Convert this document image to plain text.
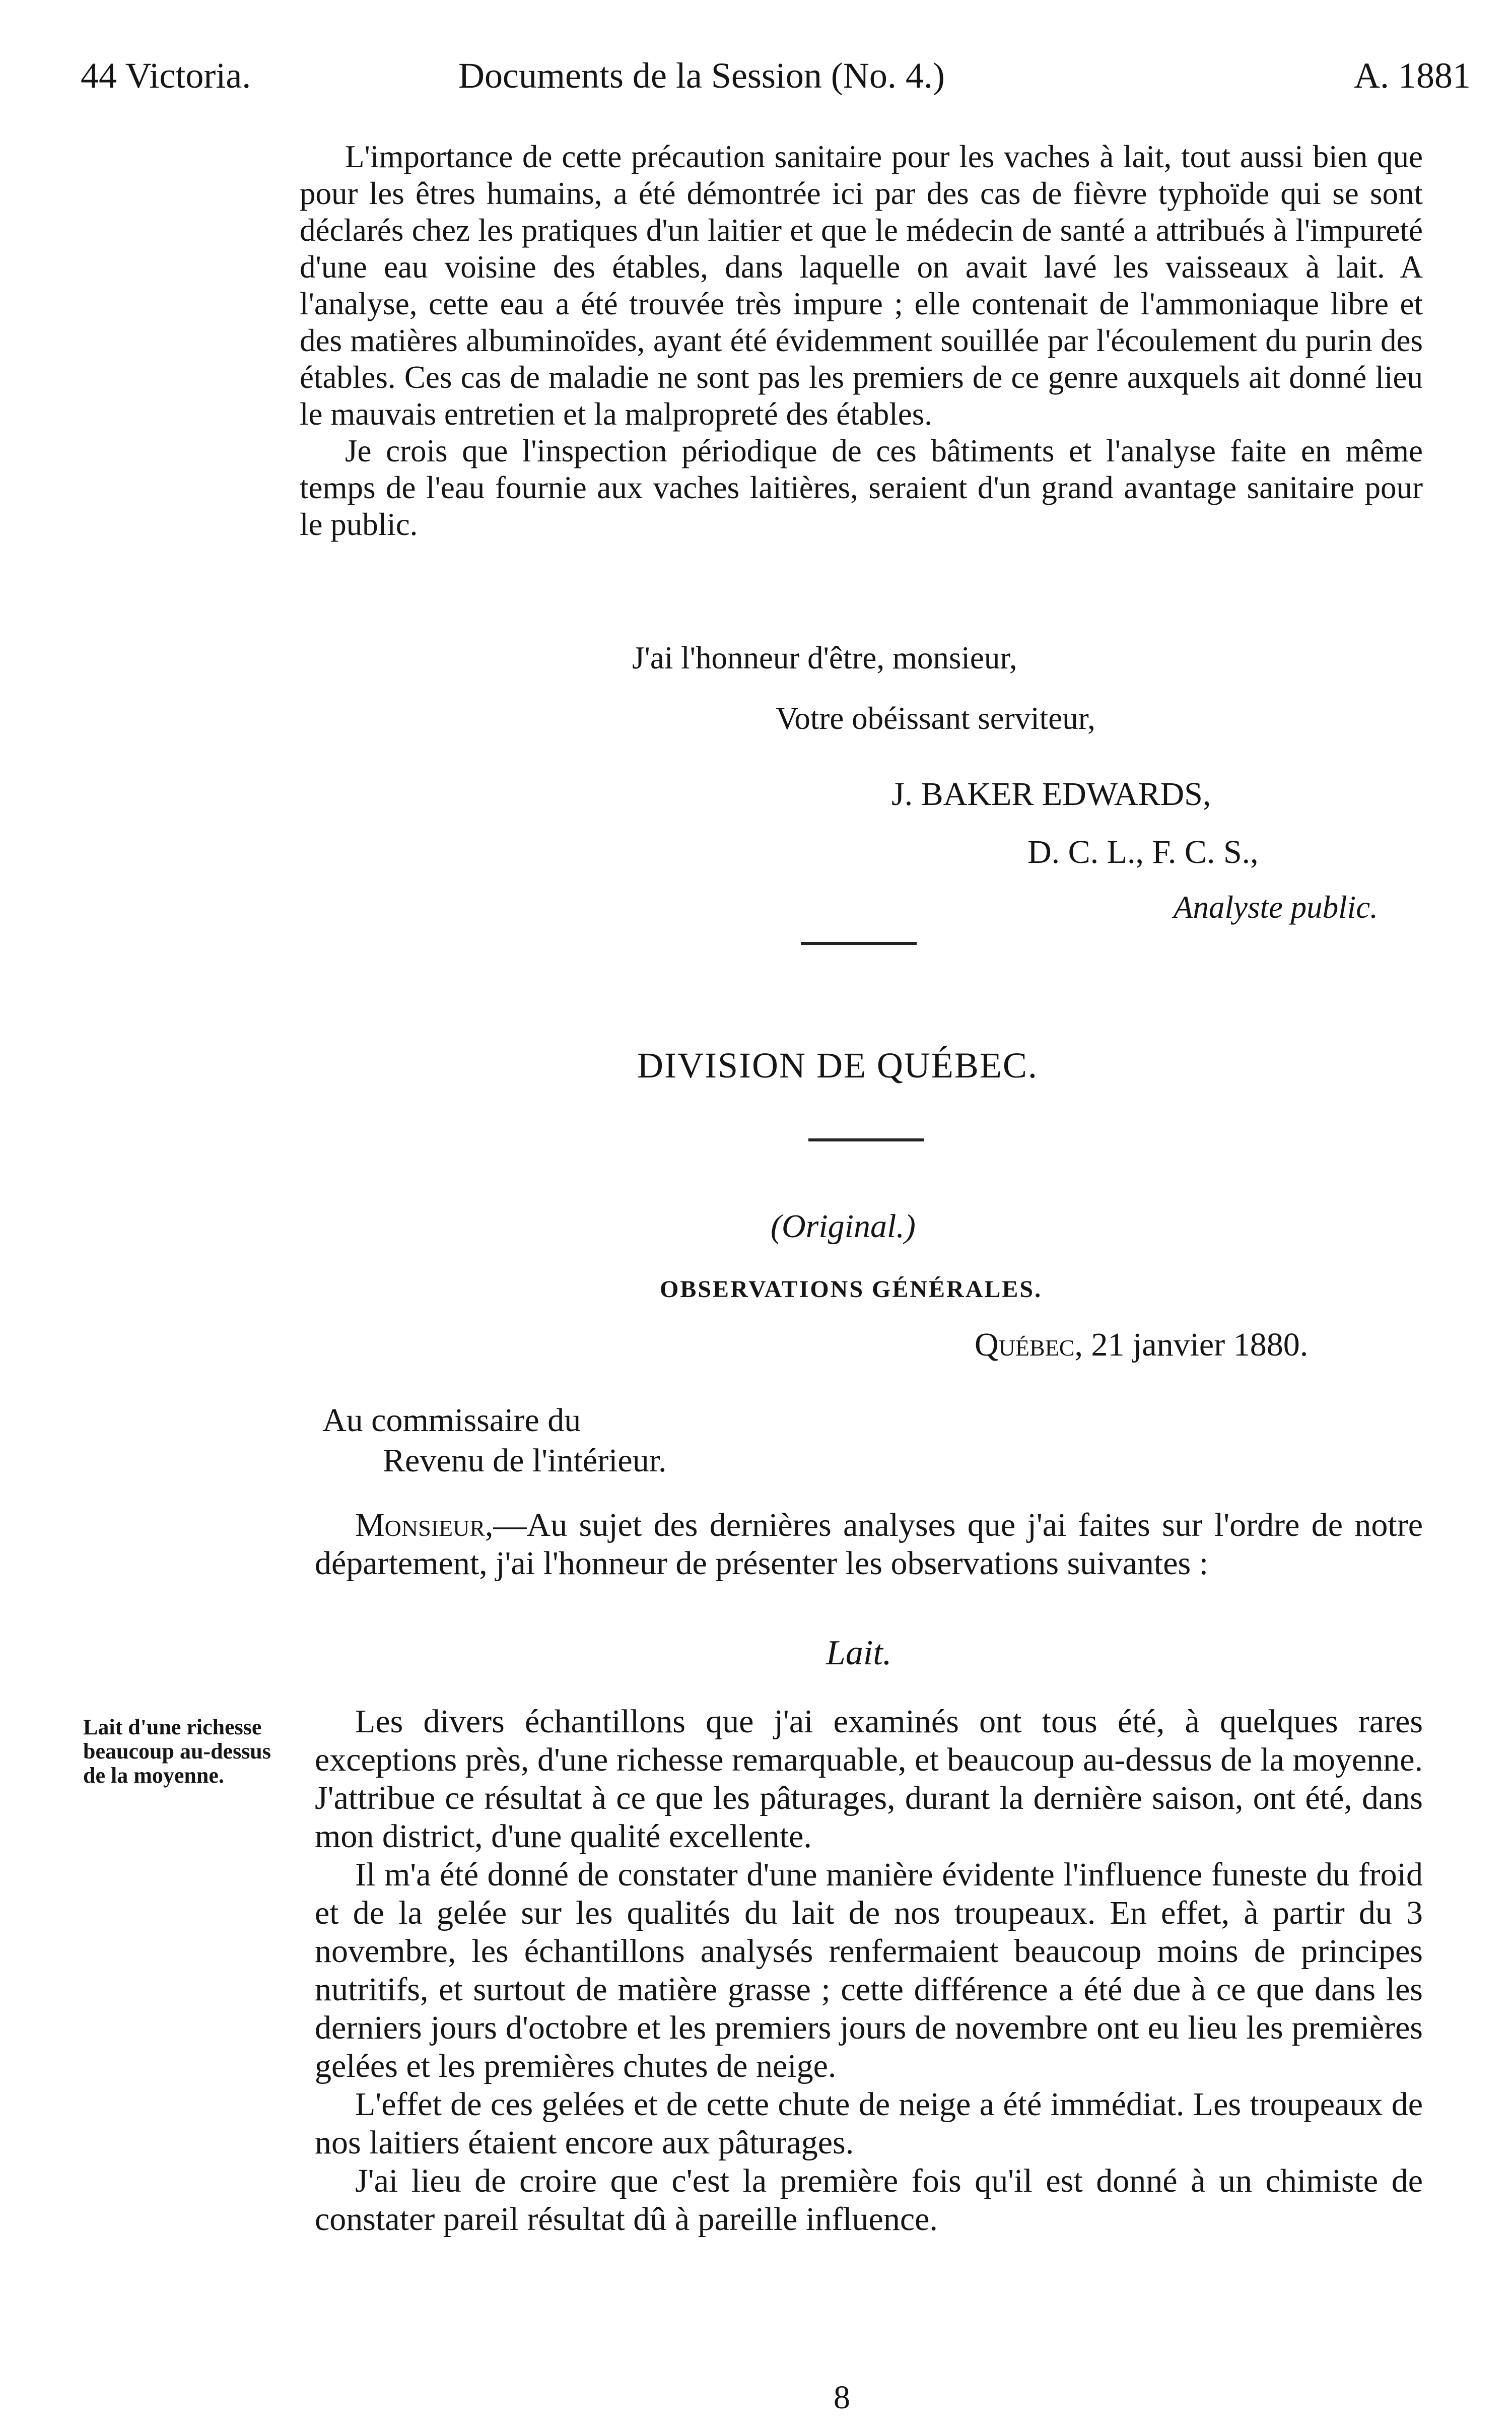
44 Victoria.	Documents de la Session (No. 4.)	A. 1881

L'importance de cette précaution sanitaire pour les vaches à lait, tout aussi bien que pour les êtres humains, a été démontrée ici par des cas de fièvre typhoïde qui se sont déclarés chez les pratiques d'un laitier et que le médecin de santé a attribués à l'impureté d'une eau voisine des étables, dans laquelle on avait lavé les vaisseaux à lait. A l'analyse, cette eau a été trouvée très impure ; elle contenait de l'ammoniaque libre et des matières albuminoïdes, ayant été évidemment souillée par l'écoulement du purin des étables. Ces cas de maladie ne sont pas les premiers de ce genre auxquels ait donné lieu le mauvais entretien et la malpropreté des étables.

Je crois que l'inspection périodique de ces bâtiments et l'analyse faite en même temps de l'eau fournie aux vaches laitières, seraient d'un grand avantage sanitaire pour le public.

J'ai l'honneur d'être, monsieur,
Votre obéissant serviteur,
J. BAKER EDWARDS,
D. C. L., F. C. S.,
Analyste public.
DIVISION DE QUÉBEC.
(Original.)
OBSERVATIONS GÉNÉRALES.
Québec, 21 janvier 1880.
Au commissaire du
Revenu de l'intérieur.

Monsieur,—Au sujet des dernières analyses que j'ai faites sur l'ordre de notre département, j'ai l'honneur de présenter les observations suivantes :

Lait.
Lait d'une richesse beaucoup au-dessus de la moyenne.

Les divers échantillons que j'ai examinés ont tous été, à quelques rares exceptions près, d'une richesse remarquable, et beaucoup au-dessus de la moyenne. J'attribue ce résultat à ce que les pâturages, durant la dernière saison, ont été, dans mon district, d'une qualité excellente.

Il m'a été donné de constater d'une manière évidente l'influence funeste du froid et de la gelée sur les qualités du lait de nos troupeaux. En effet, à partir du 3 novembre, les échantillons analysés renfermaient beaucoup moins de principes nutritifs, et surtout de matière grasse ; cette différence a été due à ce que dans les derniers jours d'octobre et les premiers jours de novembre ont eu lieu les premières gelées et les premières chutes de neige.

L'effet de ces gelées et de cette chute de neige a été immédiat. Les troupeaux de nos laitiers étaient encore aux pâturages.

J'ai lieu de croire que c'est la première fois qu'il est donné à un chimiste de constater pareil résultat dû à pareille influence.

8
